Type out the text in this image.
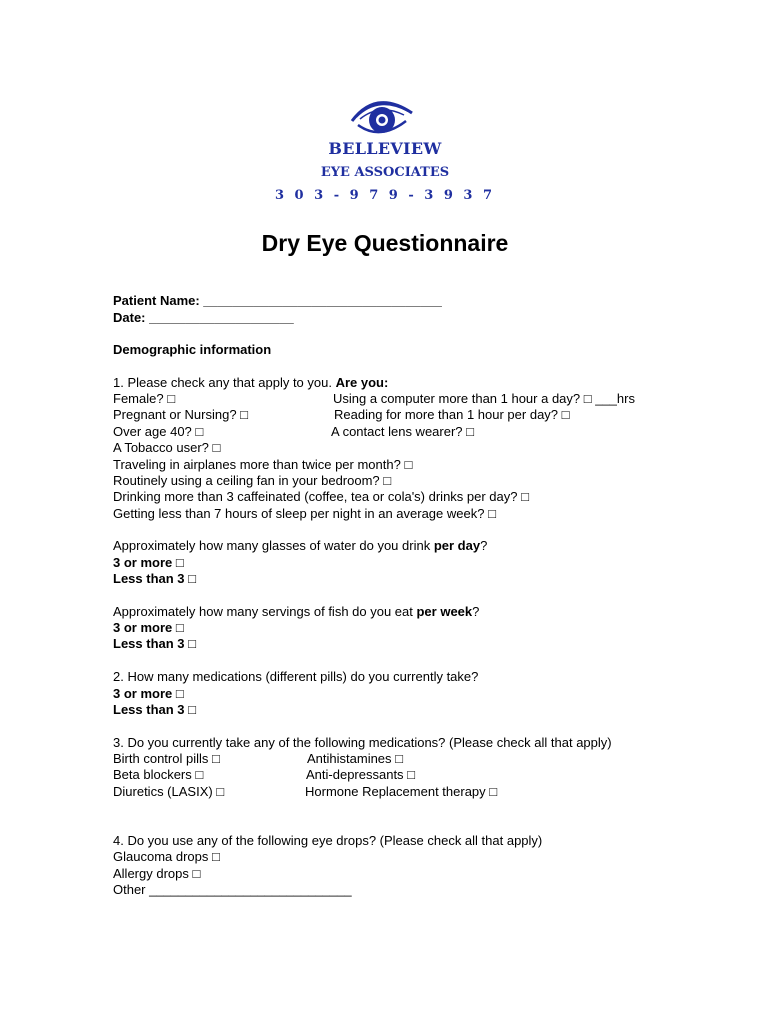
BELLEVIEW
EYE ASSOCIATES
3 0 3 - 9 7 9 - 3 9 3 7
Dry Eye Questionnaire
Patient Name: _________________________________
Date: ____________________
Demographic information
1. Please check any that apply to you. Are you:
Female? □
Pregnant or Nursing? □
Over age 40? □
Using a computer more than 1 hour a day? □ ___hrs
Reading for more than 1 hour per day? □
A contact lens wearer? □
A Tobacco user? □
Traveling in airplanes more than twice per month? □
Routinely using a ceiling fan in your bedroom? □
Drinking more than 3 caffeinated (coffee, tea or cola's) drinks per day? □
Getting less than 7 hours of sleep per night in an average week? □
Approximately how many glasses of water do you drink per day?
3 or more □
Less than 3 □
Approximately how many servings of fish do you eat per week?
3 or more □
Less than 3 □
2. How many medications (different pills) do you currently take?
3 or more □
Less than 3 □
3. Do you currently take any of the following medications? (Please check all that apply)
Birth control pills □
Beta blockers □
Diuretics (LASIX) □
Antihistamines □
Anti-depressants □
Hormone Replacement therapy □
4. Do you use any of the following eye drops? (Please check all that apply)
Glaucoma drops □
Allergy drops □
Other ____________________________
